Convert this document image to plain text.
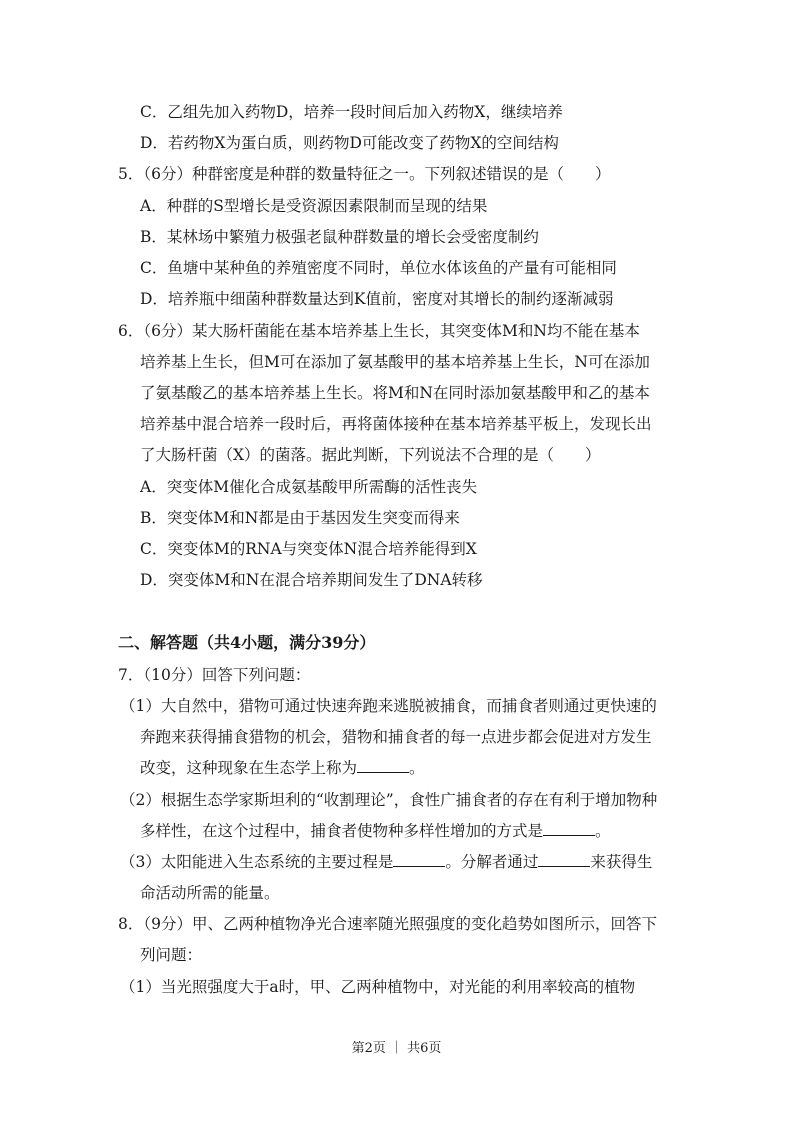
C．乙组先加入药物D，培养一段时间后加入药物X，继续培养
D．若药物X为蛋白质，则药物D可能改变了药物X的空间结构
5．（6分）种群密度是种群的数量特征之一。下列叙述错误的是（　　）
A．种群的S型增长是受资源因素限制而呈现的结果
B．某林场中繁殖力极强老鼠种群数量的增长会受密度制约
C．鱼塘中某种鱼的养殖密度不同时，单位水体该鱼的产量有可能相同
D．培养瓶中细菌种群数量达到K值前，密度对其增长的制约逐渐减弱
6．（6分）某大肠杆菌能在基本培养基上生长，其突变体M和N均不能在基本
培养基上生长，但M可在添加了氨基酸甲的基本培养基上生长，N可在添加
了氨基酸乙的基本培养基上生长。将M和N在同时添加氨基酸甲和乙的基本
培养基中混合培养一段时后，再将菌体接种在基本培养基平板上，发现长出
了大肠杆菌（X）的菌落。据此判断，下列说法不合理的是（　　）
A．突变体M催化合成氨基酸甲所需酶的活性丧失
B．突变体M和N都是由于基因发生突变而得来
C．突变体M的RNA与突变体N混合培养能得到X
D．突变体M和N在混合培养期间发生了DNA转移
二、解答题（共4小题，满分39分）
7．（10分）回答下列问题：
（1）大自然中，猎物可通过快速奔跑来逃脱被捕食，而捕食者则通过更快速的
奔跑来获得捕食猎物的机会，猎物和捕食者的每一点进步都会促进对方发生
改变，这种现象在生态学上称为	。
（2）根据生态学家斯坦利的“收割理论”，食性广捕食者的存在有利于增加物种
多样性，在这个过程中，捕食者使物种多样性增加的方式是	。
（3）太阳能进入生态系统的主要过程是	。分解者通过	来获得生
命活动所需的能量。
8．（9分）甲、乙两种植物净光合速率随光照强度的变化趋势如图所示，回答下
列问题：
（1）当光照强度大于a时，甲、乙两种植物中，对光能的利用率较高的植物
第2页 ｜ 共6页
